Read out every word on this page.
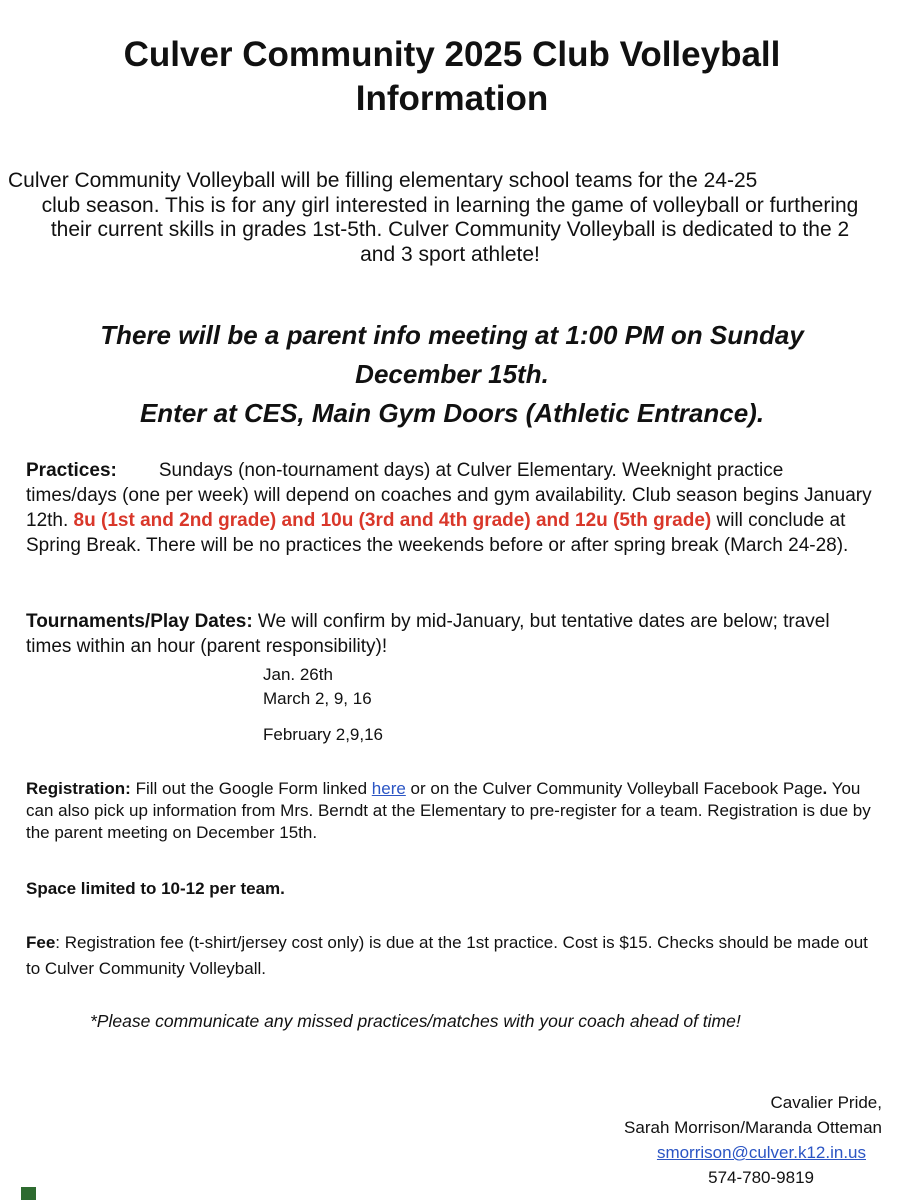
Culver Community 2025 Club Volleyball Information

Culver Community Volleyball will be filling elementary school teams for the 24-25
club season. This is for any girl interested in learning the game of volleyball or furthering their current skills in grades 1st-5th. Culver Community Volleyball is dedicated to the 2 and 3 sport athlete!

There will be a parent info meeting at 1:00 PM on Sunday
December 15th.
Enter at CES, Main Gym Doors (Athletic Entrance).

Practices: Sundays (non-tournament days) at Culver Elementary. Weeknight practice times/days (one per week) will depend on coaches and gym availability. Club season begins January 12th. 8u (1st and 2nd grade) and 10u (3rd and 4th grade) and 12u (5th grade) will conclude at Spring Break. There will be no practices the weekends before or after spring break (March 24-28).

Tournaments/Play Dates: We will confirm by mid-January, but tentative dates are below; travel times within an hour (parent responsibility)!

Jan. 26th

March 2, 9, 16

February 2,9,16

Registration: Fill out the Google Form linked here or on the Culver Community Volleyball Facebook Page. You can also pick up information from Mrs. Berndt at the Elementary to pre-register for a team. Registration is due by the parent meeting on December 15th.

Space limited to 10-12 per team.

Fee: Registration fee (t-shirt/jersey cost only) is due at the 1st practice. Cost is $15. Checks should be made out to Culver Community Volleyball.

*Please communicate any missed practices/matches with your coach ahead of time!

Cavalier Pride,
Sarah Morrison/Maranda Otteman
smorrison@culver.k12.in.us
574-780-9819
